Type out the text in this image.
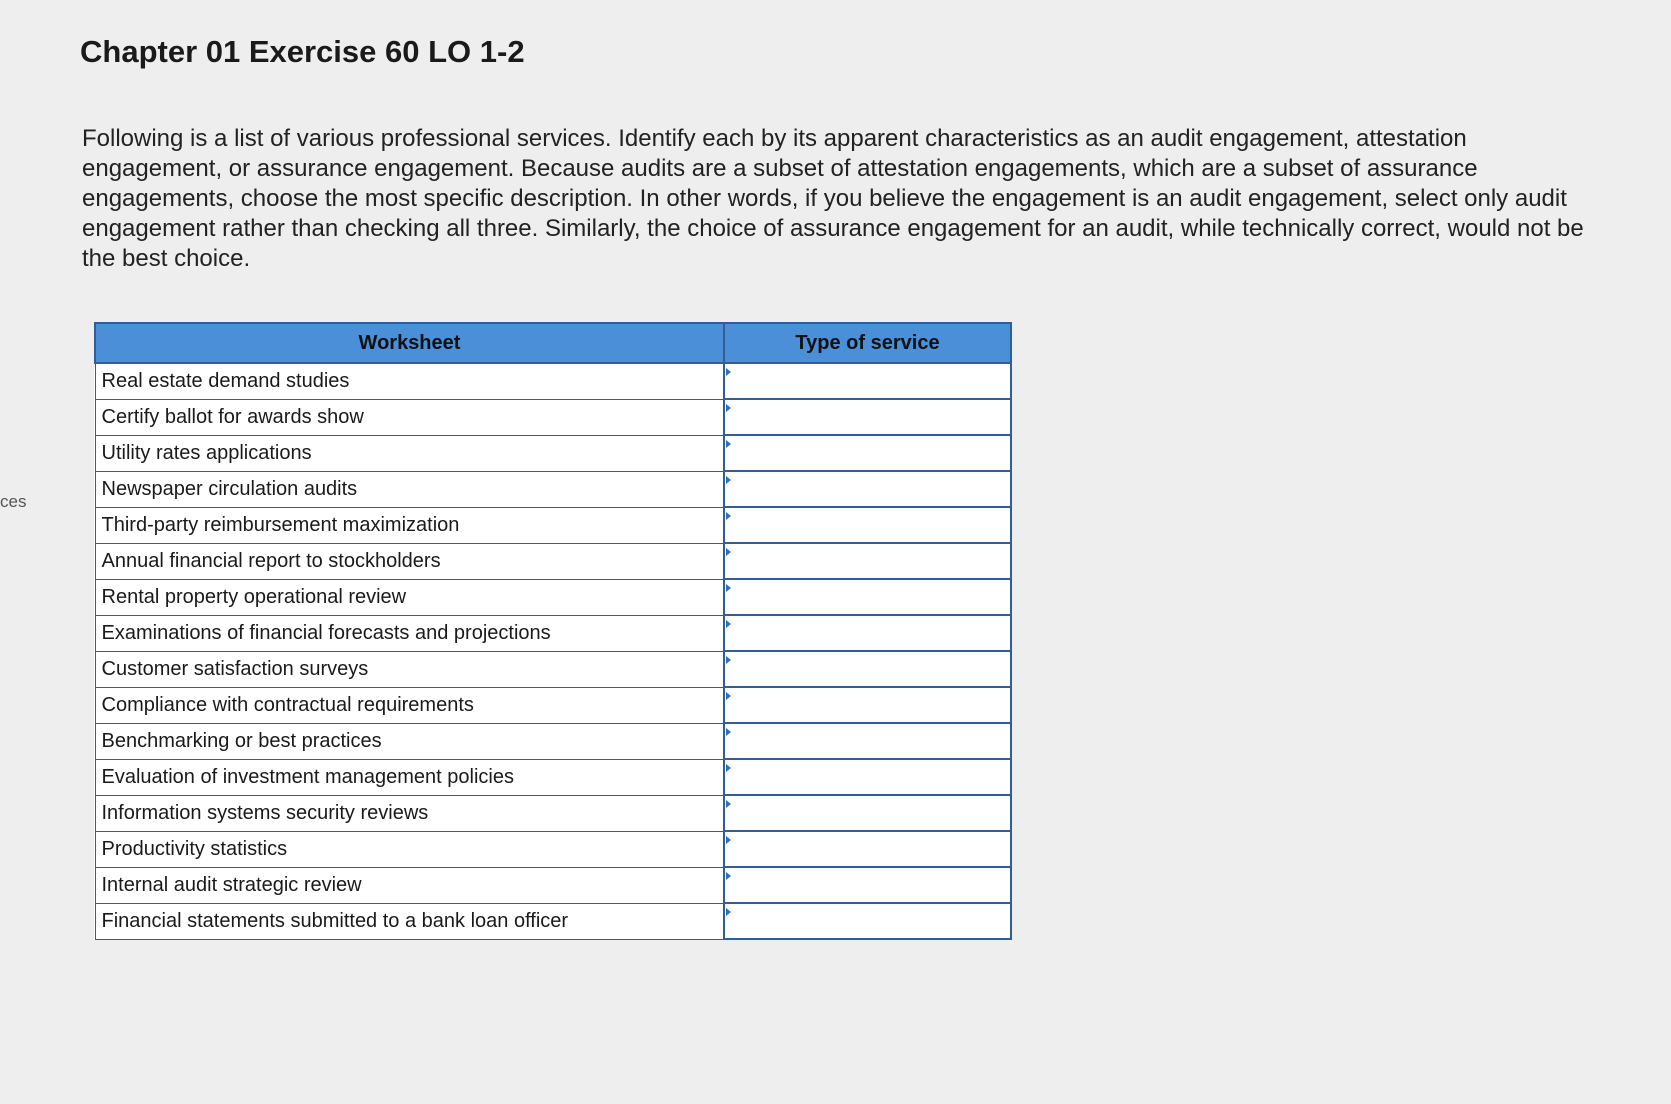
ces
Chapter 01 Exercise 60 LO 1-2

Following is a list of various professional services. Identify each by its apparent characteristics as an audit engagement, attestation engagement, or assurance engagement. Because audits are a subset of attestation engagements, which are a subset of assurance engagements, choose the most specific description. In other words, if you believe the engagement is an audit engagement, select only audit engagement rather than checking all three. Similarly, the choice of assurance engagement for an audit, while technically correct, would not be the best choice.

Worksheet	Type of service
Real estate demand studies	

Certify ballot for awards show	

Utility rates applications	

Newspaper circulation audits	

Third-party reimbursement maximization	

Annual financial report to stockholders	

Rental property operational review	

Examinations of financial forecasts and projections	

Customer satisfaction surveys	

Compliance with contractual requirements	

Benchmarking or best practices	

Evaluation of investment management policies	

Information systems security reviews	

Productivity statistics	

Internal audit strategic review	

Financial statements submitted to a bank loan officer	
